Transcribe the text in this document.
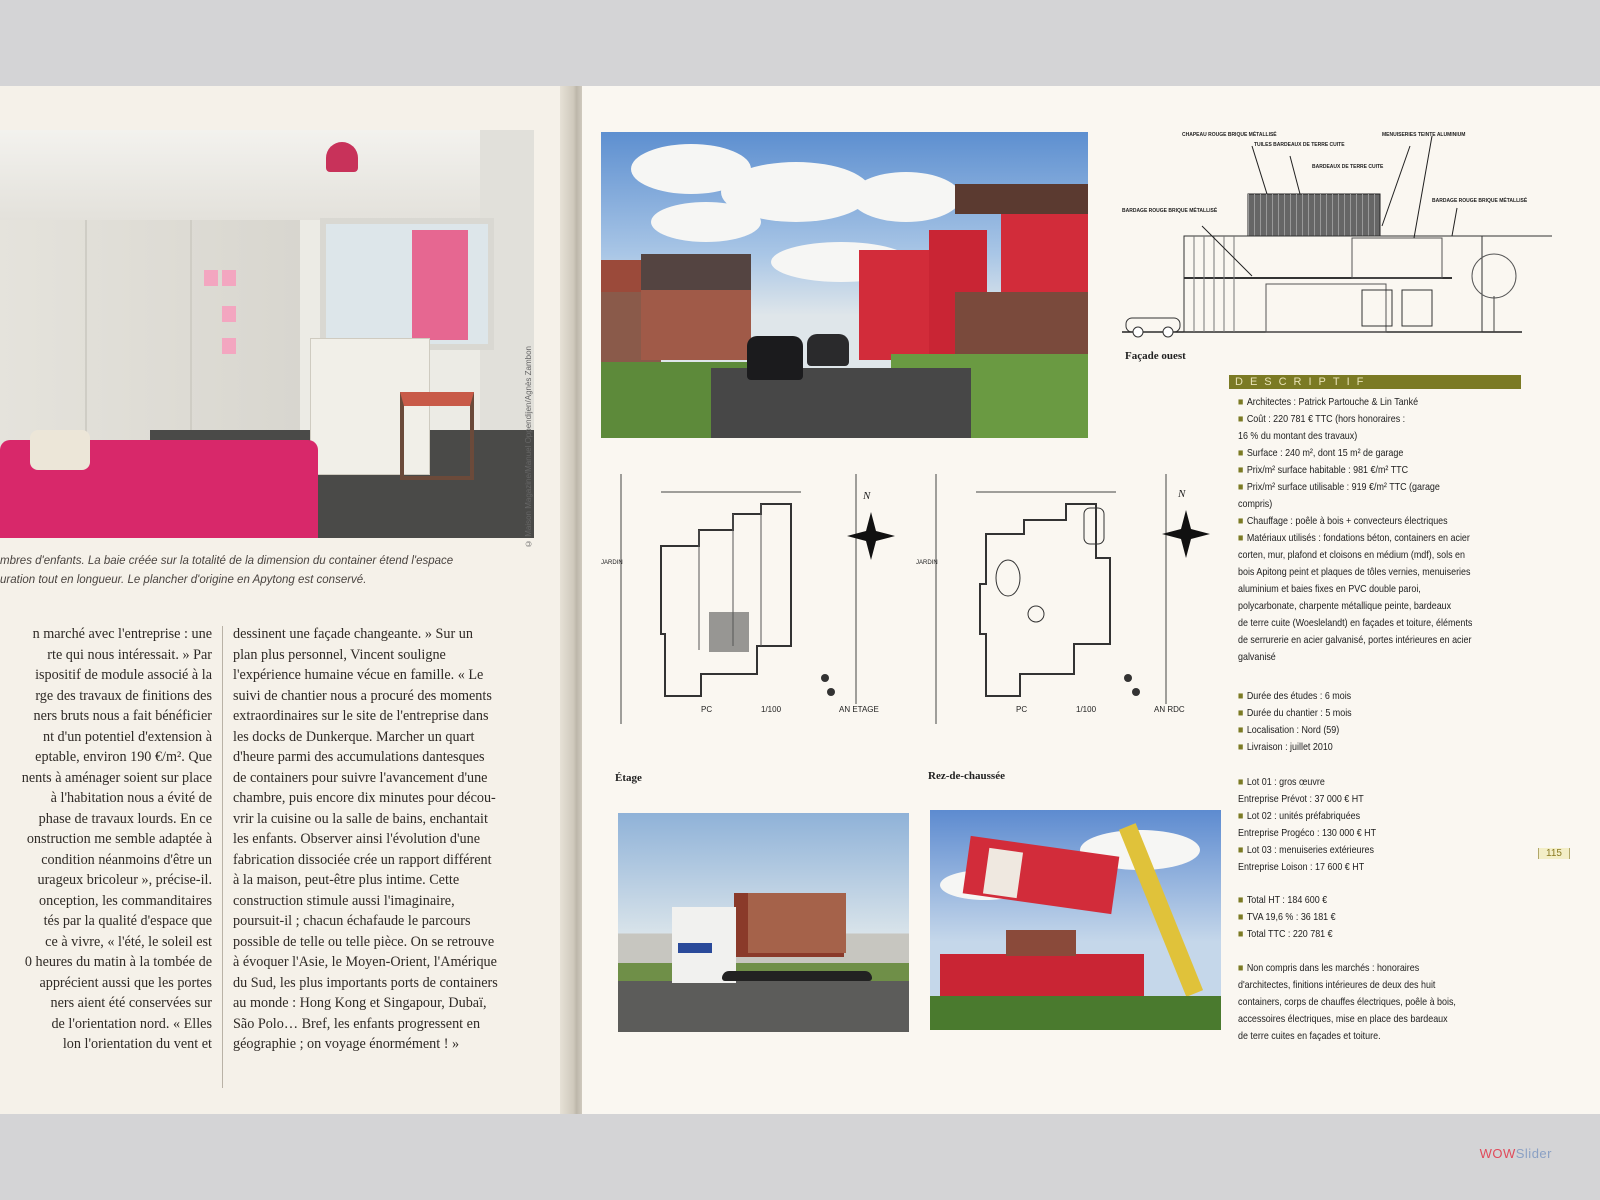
© Maison Magazine/Manuel Oppendijen/Agnès Zambon
mbres d'enfants. La baie créée sur la totalité de la dimension du container étend l'espace
uration tout en longueur. Le plancher d'origine en Apytong est conservé.
n marché avec l'entreprise : une
rte qui nous intéressait. » Par
ispositif de module associé à la
rge des travaux de finitions des
ners bruts nous a fait bénéficier
nt d'un potentiel d'extension à
eptable, environ 190 €/m². Que
nents à aménager soient sur place
à l'habitation nous a évité de
phase de travaux lourds. En ce
onstruction me semble adaptée à
condition néanmoins d'être un
urageux bricoleur », précise-il.
onception, les commanditaires
tés par la qualité d'espace que
ce à vivre, « l'été, le soleil est
0 heures du matin à la tombée de
apprécient aussi que les portes
ners aient été conservées sur
de l'orientation nord. « Elles
lon l'orientation du vent et
dessinent une façade changeante. » Sur un
plan plus personnel, Vincent souligne
l'expérience humaine vécue en famille. « Le
suivi de chantier nous a procuré des moments
extraordinaires sur le site de l'entreprise dans
les docks de Dunkerque. Marcher un quart
d'heure parmi des accumulations dantesques
de containers pour suivre l'avancement d'une
chambre, puis encore dix minutes pour décou-
vrir la cuisine ou la salle de bains, enchantait
les enfants. Observer ainsi l'évolution d'une
fabrication dissociée crée un rapport différent
à la maison, peut-être plus intime. Cette
construction stimule aussi l'imaginaire,
poursuit-il ; chacun échafaude le parcours
possible de telle ou telle pièce. On se retrouve
à évoquer l'Asie, le Moyen-Orient, l'Amérique
du Sud, les plus importants ports de containers
au monde : Hong Kong et Singapour, Dubaï,
São Polo… Bref, les enfants progressent en
géographie ; on voyage énormément ! »
CHAPEAU ROUGE BRIQUE MÉTALLISÉ
TUILES BARDEAUX DE TERRE CUITE
MENUISERIES TEINTE ALUMINIUM
BARDEAUX DE TERRE CUITE
BARDAGE ROUGE BRIQUE MÉTALLISÉ
BARDAGE ROUGE BRIQUE MÉTALLISÉ
Façade ouest
N
JARDIN
PC	1/100	AN ETAGE
Étage
N
JARDIN
PC	1/100	AN RDC
Rez-de-chaussée
DESCRIPTIF
■ Architectes : Patrick Partouche & Lin Tanké
■ Coût : 220 781 € TTC (hors honoraires :
16 % du montant des travaux)
■ Surface : 240 m², dont 15 m² de garage
■ Prix/m² surface habitable : 981 €/m² TTC
■ Prix/m² surface utilisable : 919 €/m² TTC (garage
compris)
■ Chauffage : poêle à bois + convecteurs électriques
■ Matériaux utilisés : fondations béton, containers en acier
corten, mur, plafond et cloisons en médium (mdf), sols en
bois Apitong peint et plaques de tôles vernies, menuiseries
aluminium et baies fixes en PVC double paroi,
polycarbonate, charpente métallique peinte, bardeaux
de terre cuite (Woeslelandt) en façades et toiture, éléments
de serrurerie en acier galvanisé, portes intérieures en acier
galvanisé
■ Durée des études : 6 mois
■ Durée du chantier : 5 mois
■ Localisation : Nord (59)
■ Livraison : juillet 2010
■ Lot 01 : gros œuvre
Entreprise Prévot : 37 000 € HT
■ Lot 02 : unités préfabriquées
Entreprise Progéco : 130 000 € HT
■ Lot 03 : menuiseries extérieures
Entreprise Loison : 17 600 € HT
■ Total HT : 184 600 €
■ TVA 19,6 % : 36 181 €
■ Total TTC : 220 781 €
■ Non compris dans les marchés : honoraires
d'architectes, finitions intérieures de deux des huit
containers, corps de chauffes électriques, poêle à bois,
accessoires électriques, mise en place des bardeaux
de terre cuites en façades et toiture.
115
WOWSlider
